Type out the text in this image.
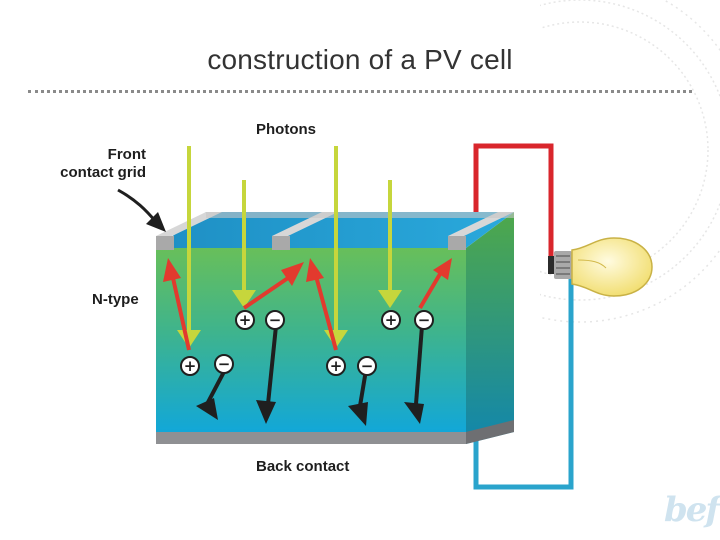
construction of a PV cell
+ −
+ −	+ −
+ −
Photons
Front
contact grid
N-type
Back contact
bef
